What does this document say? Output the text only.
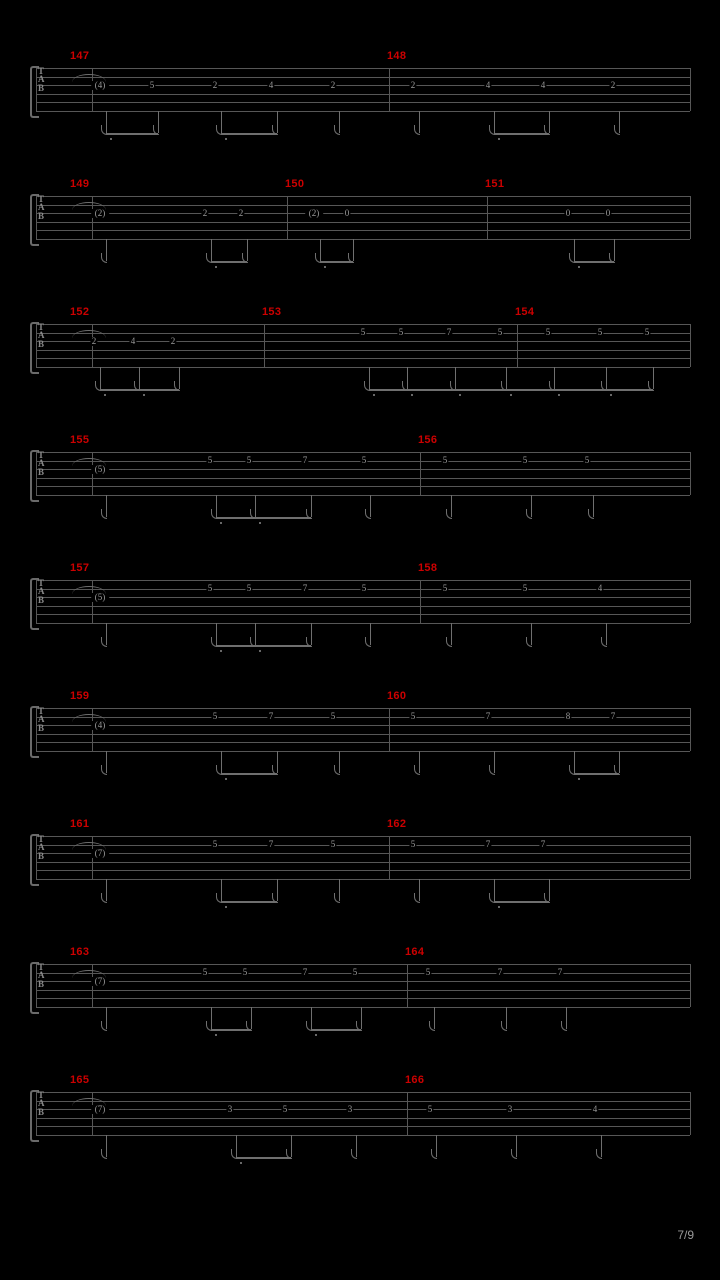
147	148
T
A
B	(4)	5	2	4	2	2	4	4	2
149	150	151
T
A
B	(2)	2	2	(2)	0	0	0
152	153	154
T
A
B	2	4	2
5	5	7	5	5	5	5
155	156
T
A
B	(5)
5	5	7	5	5	5	5
157	158
T
A
B	(5)
5	5	7	5	5	5	4
159	160
T
A
B	(4)
5	7	5	5	7	8	7
161	162
T
A
B	(7)
5	7	5	5	7	7
163	164
T
A
B	(7)
5	5	7	5	5	7	7
165	166
T
A
B	(7)	3	5	3	5	3	4
7/9
